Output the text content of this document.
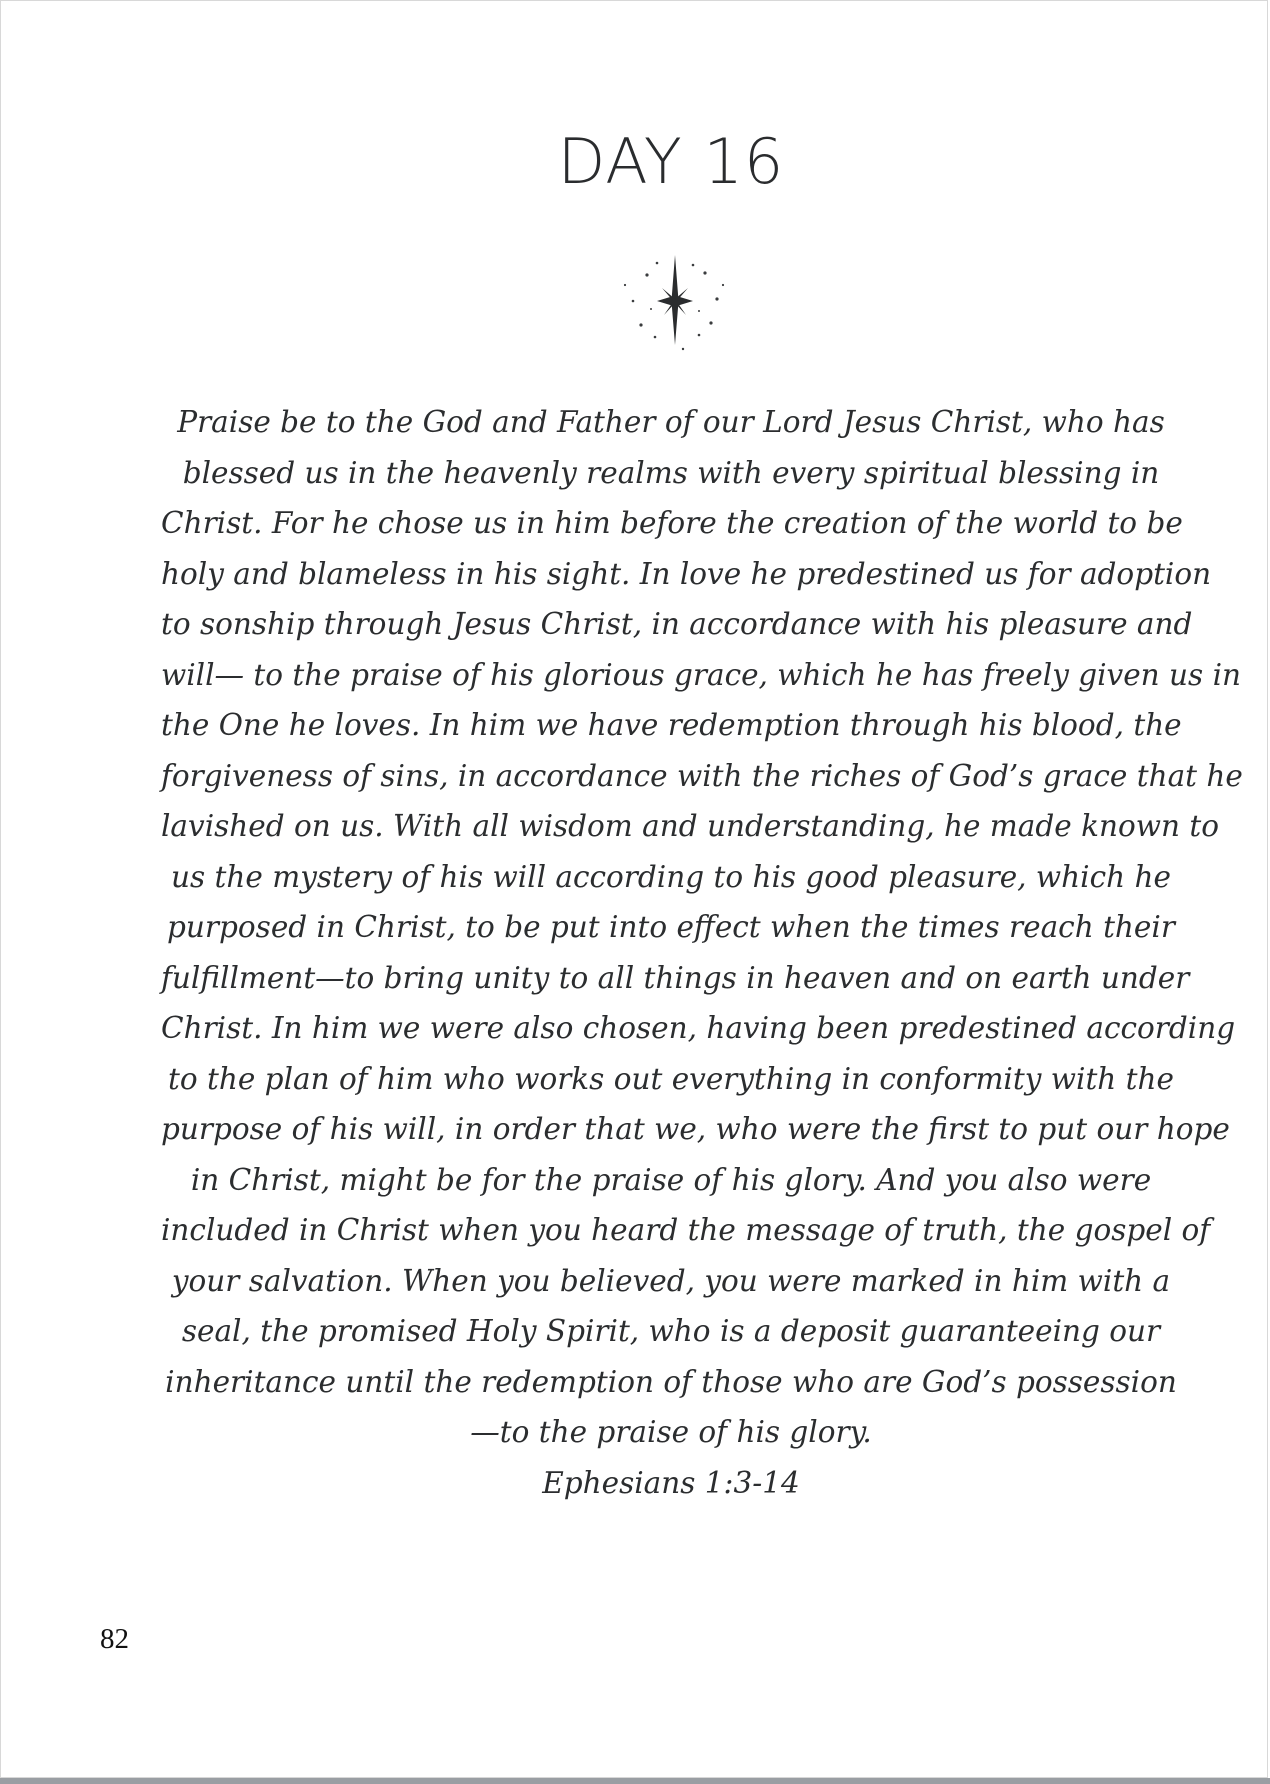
DAY 16
Praise be to the God and Father of our Lord Jesus Christ, who has
blessed us in the heavenly realms with every spiritual blessing in
Christ. For he chose us in him before the creation of the world to be
holy and blameless in his sight. In love he predestined us for adoption
to sonship through Jesus Christ, in accordance with his pleasure and
will— to the praise of his glorious grace, which he has freely given us in
the One he loves. In him we have redemption through his blood, the
forgiveness of sins, in accordance with the riches of God’s grace that he
lavished on us. With all wisdom and understanding, he made known to
us the mystery of his will according to his good pleasure, which he
purposed in Christ, to be put into effect when the times reach their
fulfillment—to bring unity to all things in heaven and on earth under
Christ. In him we were also chosen, having been predestined according
to the plan of him who works out everything in conformity with the
purpose of his will, in order that we, who were the first to put our hope
in Christ, might be for the praise of his glory. And you also were
included in Christ when you heard the message of truth, the gospel of
your salvation. When you believed, you were marked in him with a
seal, the promised Holy Spirit, who is a deposit guaranteeing our
inheritance until the redemption of those who are God’s possession
—to the praise of his glory.
Ephesians 1:3-14
82
